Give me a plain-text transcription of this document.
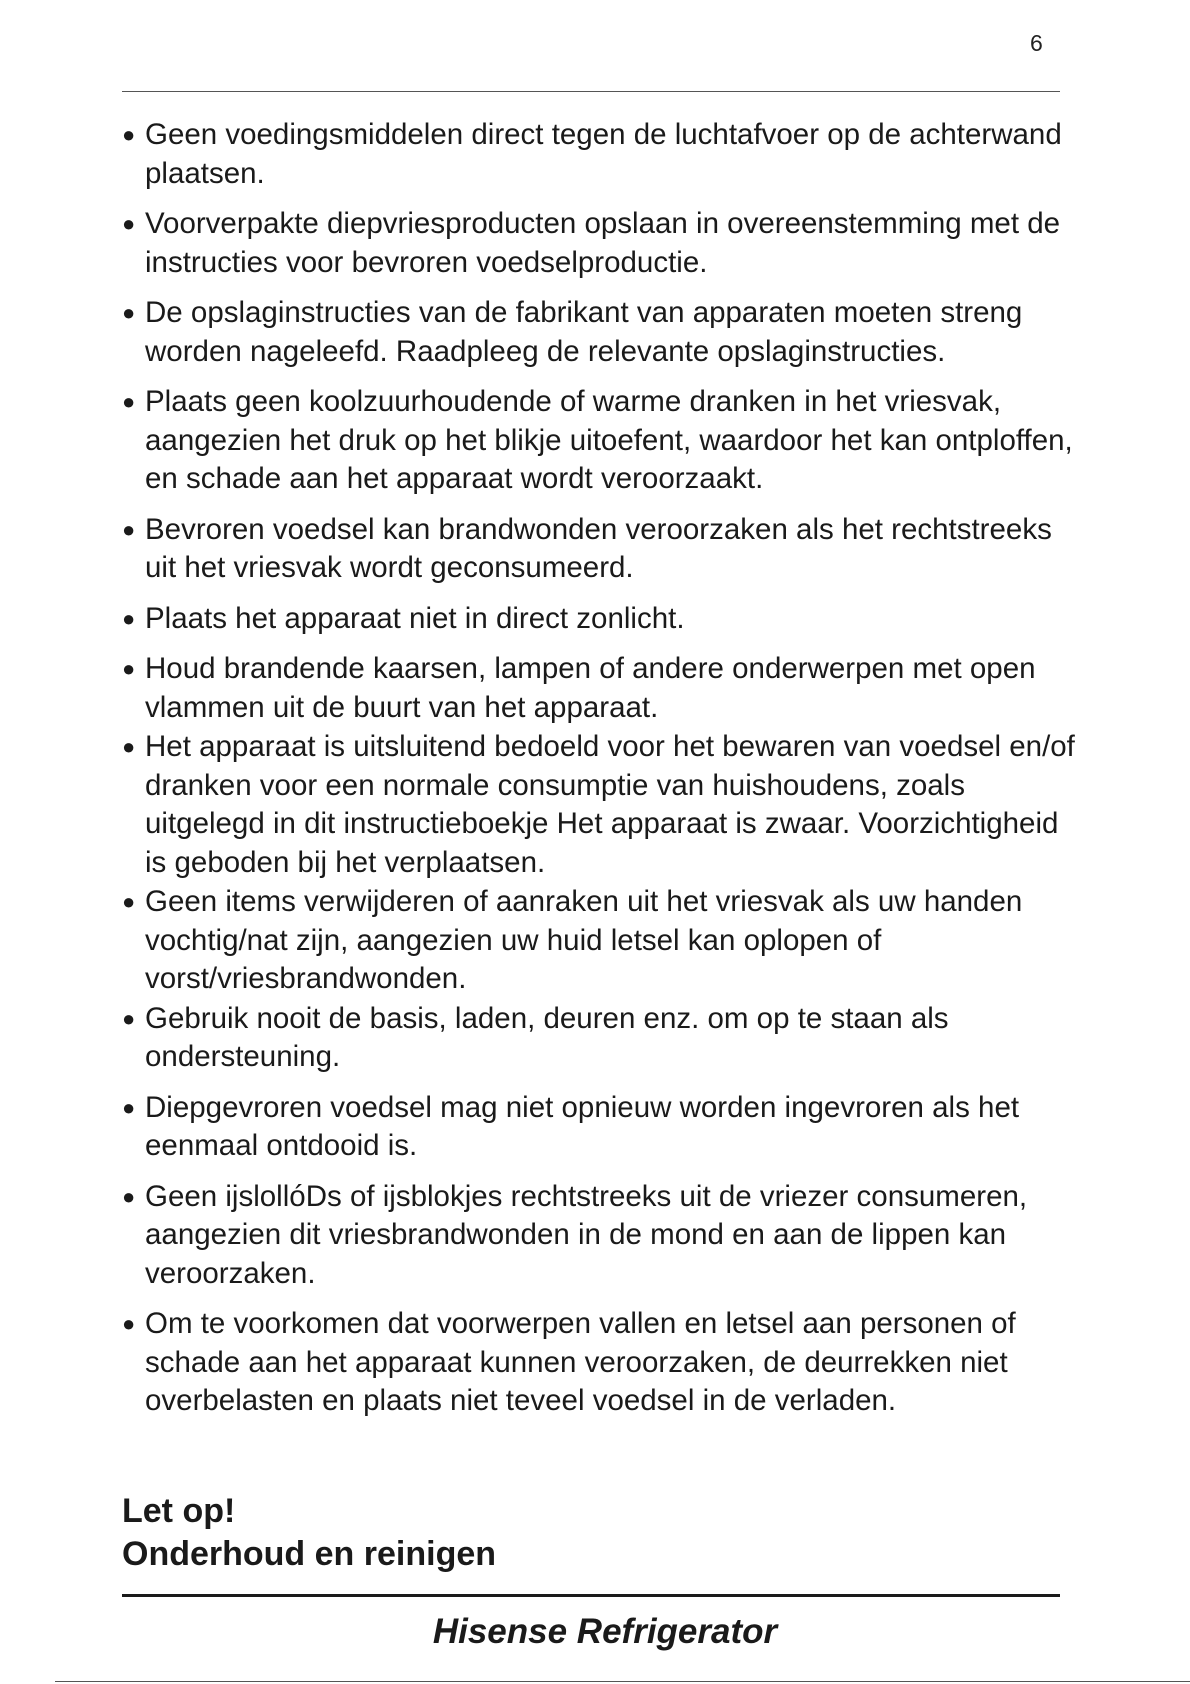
6
● Geen voedingsmiddelen direct tegen de luchtafvoer op de achterwand plaatsen.
● Voorverpakte diepvriesproducten opslaan in overeenstemming met de instructies voor bevroren voedselproductie.
● De opslaginstructies van de fabrikant van apparaten moeten streng worden nageleefd. Raadpleeg de relevante opslaginstructies.
● Plaats geen koolzuurhoudende of warme dranken in het vriesvak, aangezien het druk op het blikje uitoefent, waardoor het kan ontploffen, en schade aan het apparaat wordt veroorzaakt.
● Bevroren voedsel kan brandwonden veroorzaken als het rechtstreeks uit het vriesvak wordt geconsumeerd.
● Plaats het apparaat niet in direct zonlicht.
● Houd brandende kaarsen, lampen of andere onderwerpen met open vlammen uit de buurt van het apparaat.
● Het apparaat is uitsluitend bedoeld voor het bewaren van voedsel en/of dranken voor een normale consumptie van huishoudens, zoals uitgelegd in dit instructieboekje Het apparaat is zwaar. Voorzichtigheid is geboden bij het verplaatsen.
● Geen items verwijderen of aanraken uit het vriesvak als uw handen vochtig/nat zijn, aangezien uw huid letsel kan oplopen of vorst/vriesbrandwonden.
● Gebruik nooit de basis, laden, deuren enz. om op te staan als ondersteuning.
● Diepgevroren voedsel mag niet opnieuw worden ingevroren als het eenmaal ontdooid is.
● Geen ijslollóDs of ijsblokjes rechtstreeks uit de vriezer consumeren, aangezien dit vriesbrandwonden in de mond en aan de lippen kan veroorzaken.
● Om te voorkomen dat voorwerpen vallen en letsel aan personen of schade aan het apparaat kunnen veroorzaken, de deurrekken niet overbelasten en plaats niet teveel voedsel in de verladen.
Let op!
Onderhoud en reinigen
Hisense Refrigerator
